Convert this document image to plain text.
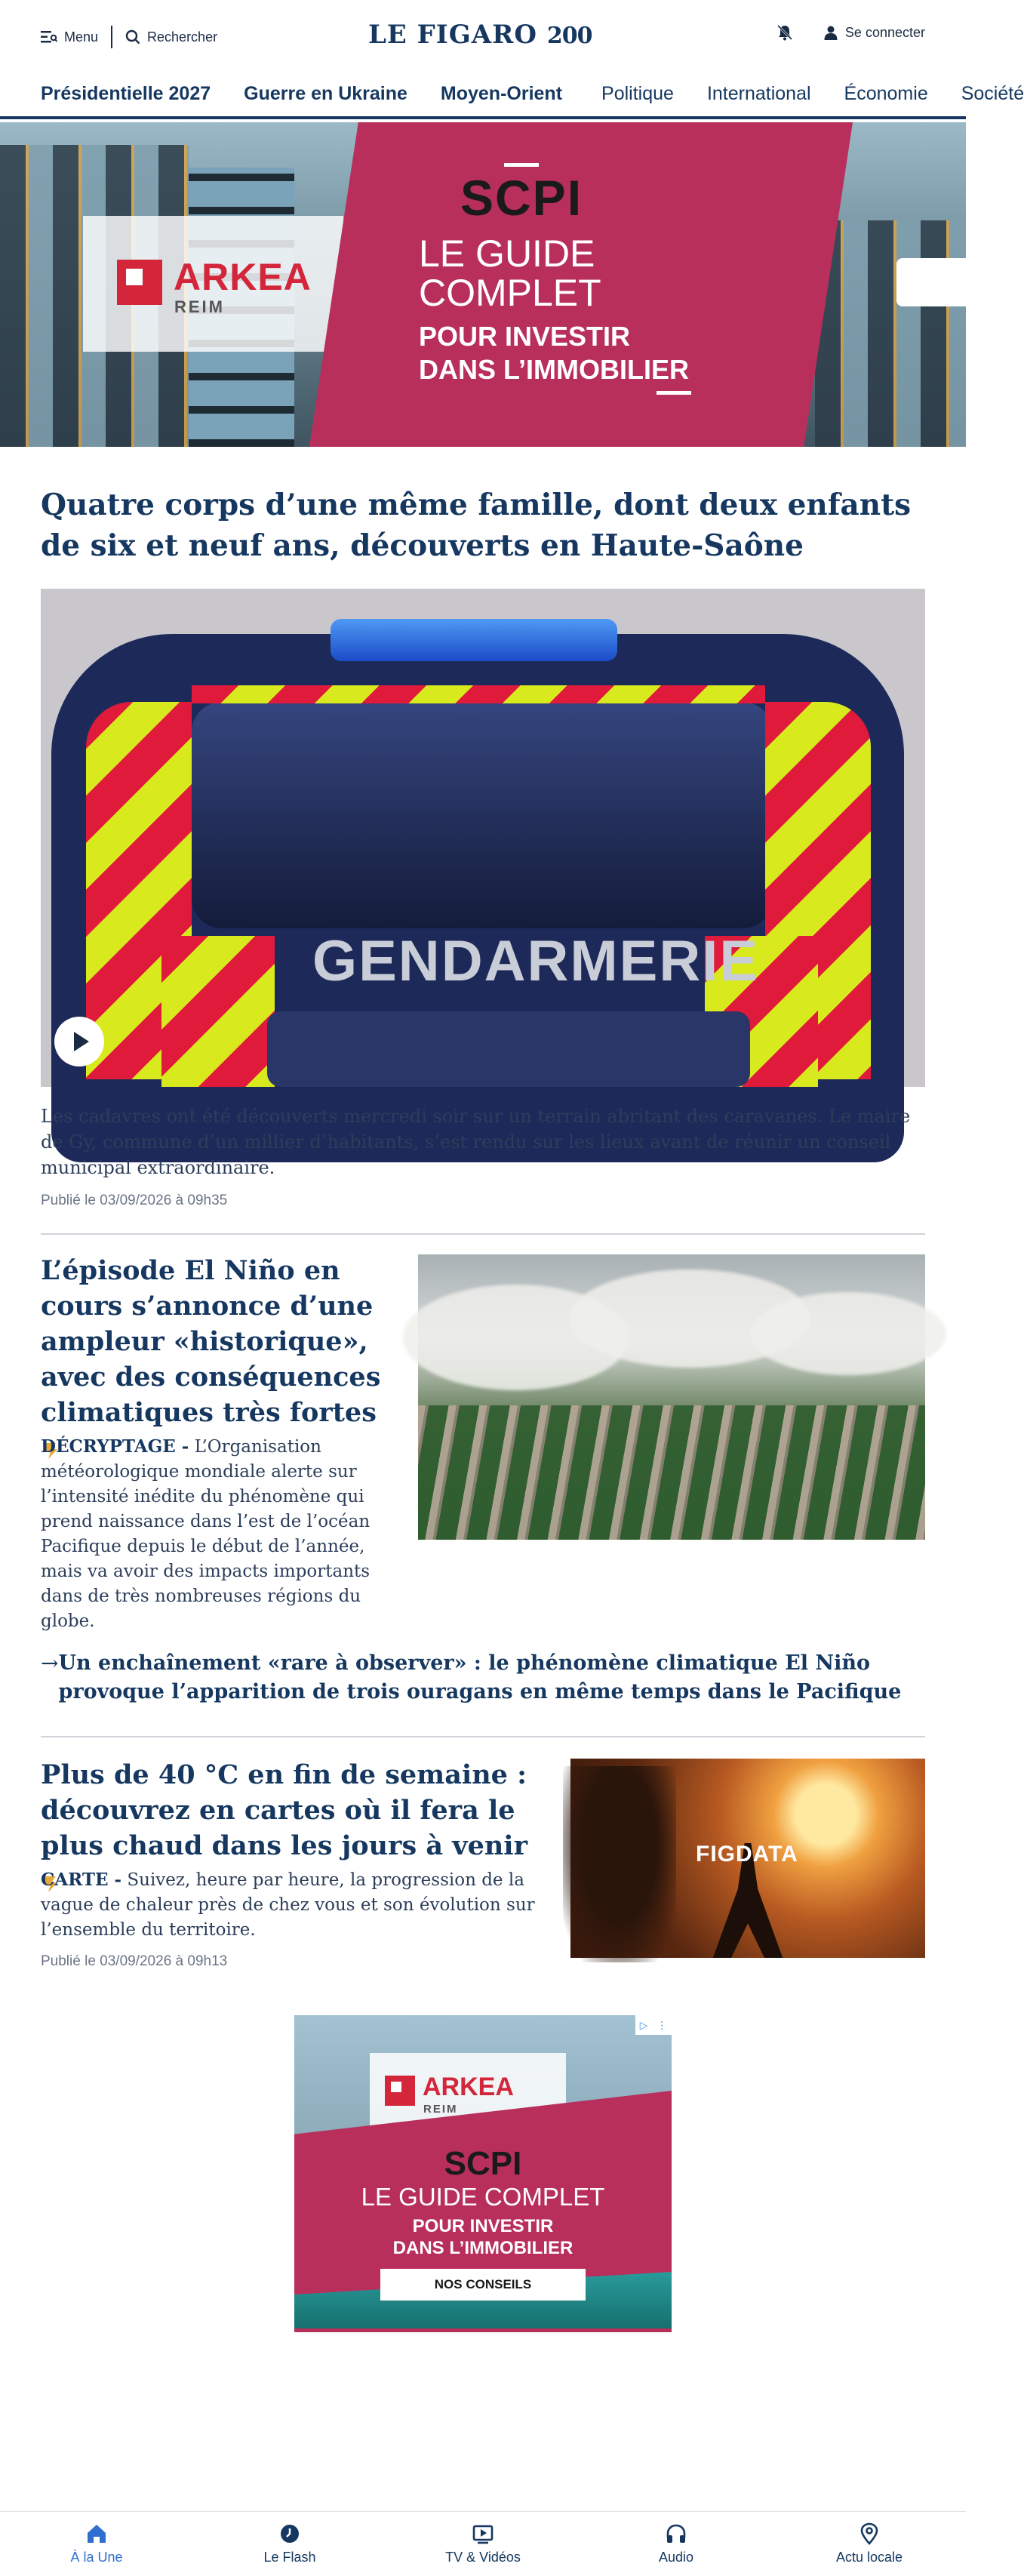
Menu	Rechercher	LE FIGARO 200	Se connecter
Présidentielle 2027 Guerre en Ukraine Moyen-Orient Politique International Économie Société
ARKEA
REIM
SCPI
LE GUIDE
COMPLET
POUR INVESTIR
DANS L’IMMOBILIER
Quatre corps d’une même famille, dont deux enfants de six et neuf ans, découverts en Haute-Saône
GENDARMERIE

Les cadavres ont été découverts mercredi soir sur un terrain abritant des caravanes. Le maire de Gy, commune d’un millier d’habitants, s’est rendu sur les lieux avant de réunir un conseil municipal extraordinaire.

Publié le 03/09/2026 à 09h35
L’épisode El Niño en cours s’annonce d’une ampleur «historique», avec des conséquences climatiques très fortes

DÉCRYPTAGE - L’Organisation météorologique mondiale alerte sur l’intensité inédite du phénomène qui prend naissance dans l’est de l’océan Pacifique depuis le début de l’année, mais va avoir des impacts importants dans de très nombreuses régions du globe.

→ Un enchaînement «rare à observer» : le phénomène climatique El Niño provoque l’apparition de trois ouragans en même temps dans le Pacifique
Plus de 40 °C en fin de semaine : découvrez en cartes où il fera le plus chaud dans les jours à venir

CARTE - Suivez, heure par heure, la progression de la vague de chaleur près de chez vous et son évolution sur l’ensemble du territoire.

Publié le 03/09/2026 à 09h13
FIGDATA
ARKEA
REIM
SCPI
LE GUIDE COMPLET
POUR INVESTIR
DANS L’IMMOBILIER
NOS CONSEILS
▷ ⋮
À la Une	Le Flash	TV & Vidéos	Audio	Actu locale
